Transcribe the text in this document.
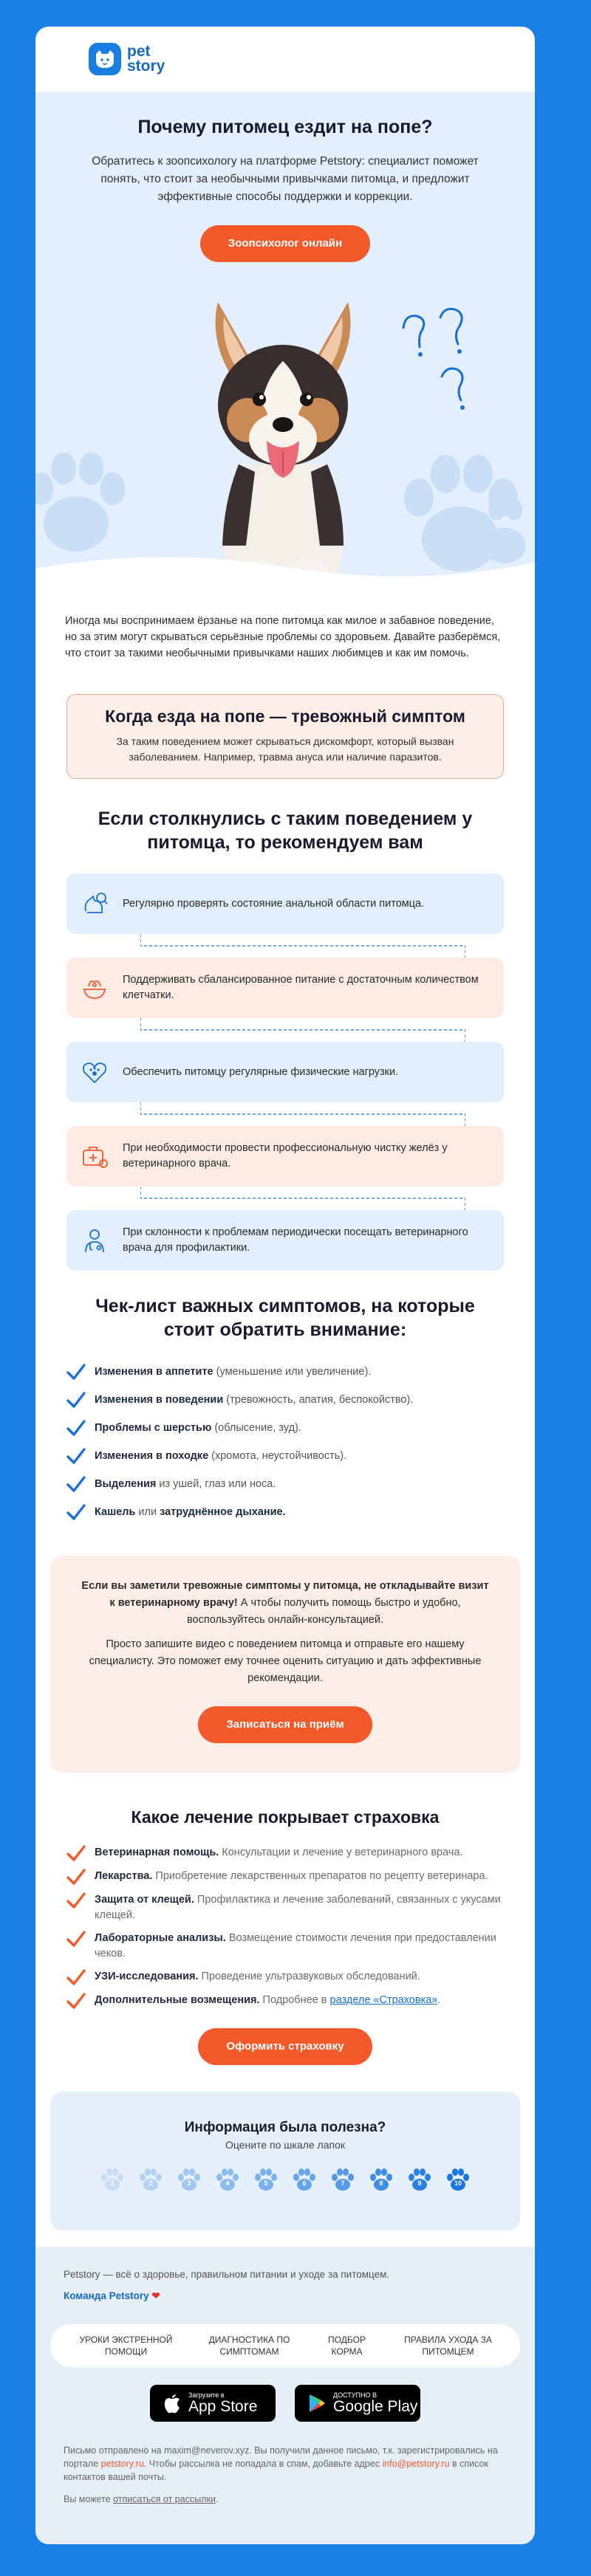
pet
story
Почему питомец ездит на попе?

Обратитесь к зоопсихологу на платформе Petstory: специалист поможет понять, что стоит за необычными привычками питомца, и предложит эффективные способы поддержки и коррекции.

Зоопсихолог онлайн

Иногда мы воспринимаем ёрзанье на попе питомца как милое и забавное поведение, но за этим могут скрываться серьёзные проблемы со здоровьем. Давайте разберёмся, что стоит за такими необычными привычками наших любимцев и как им помочь.

Когда езда на попе — тревожный симптом

За таким поведением может скрываться дискомфорт, который вызван заболеванием. Например, травма ануса или наличие паразитов.

Если столкнулись с таким поведением у питомца, то рекомендуем вам
Регулярно проверять состояние анальной области питомца.
Поддерживать сбалансированное питание с достаточным количеством клетчатки.
Обеспечить питомцу регулярные физические нагрузки.
При необходимости провести профессиональную чистку желёз у ветеринарного врача.
При склонности к проблемам периодически посещать ветеринарного врача для профилактики.
Чек-лист важных симптомов, на которые стоит обратить внимание:
Изменения в аппетите (уменьшение или увеличение).
Изменения в поведении (тревожность, апатия, беспокойство).
Проблемы с шерстью (облысение, зуд).
Изменения в походке (хромота, неустойчивость).
Выделения из ушей, глаз или носа.
Кашель или затруднённое дыхание.

Если вы заметили тревожные симптомы у питомца, не откладывайте визит к ветеринарному врачу! А чтобы получить помощь быстро и удобно, воспользуйтесь онлайн-консультацией.

Просто запишите видео с поведением питомца и отправьте его нашему специалисту. Это поможет ему точнее оценить ситуацию и дать эффективные рекомендации.

Записаться на приём
Какое лечение покрывает страховка
Ветеринарная помощь. Консультации и лечение у ветеринарного врача.
Лекарства. Приобретение лекарственных препаратов по рецепту ветеринара.
Защита от клещей. Профилактика и лечение заболеваний, связанных с укусами клещей.
Лабораторные анализы. Возмещение стоимости лечения при предоставлении чеков.
УЗИ-исследования. Проведение ультразвуковых обследований.
Дополнительные возмещения. Подробнее в разделе «Страховка».
Оформить страховку
Информация была полезна?
Оцените по шкале лапок
1	2	3	4	5	6	7	8	9	10
Petstory — всё о здоровье, правильном питании и уходе за питомцем.
Команда Petstory ❤
УРОКИ ЭКСТРЕННОЙ ПОМОЩИ
ДИАГНОСТИКА ПО СИМПТОМАМ
ПОДБОР КОРМА
ПРАВИЛА УХОДА ЗА ПИТОМЦЕМ
Загрузите в
App Store
ДОСТУПНО В
Google Play

Письмо отправлено на maxim@neverov.xyz. Вы получили данное письмо, т.к. зарегистрировались на портале petstory.ru. Чтобы рассылка не попадала в спам, добавьте адрес info@petstory.ru в список контактов вашей почты.

Вы можете отписаться от рассылки.
